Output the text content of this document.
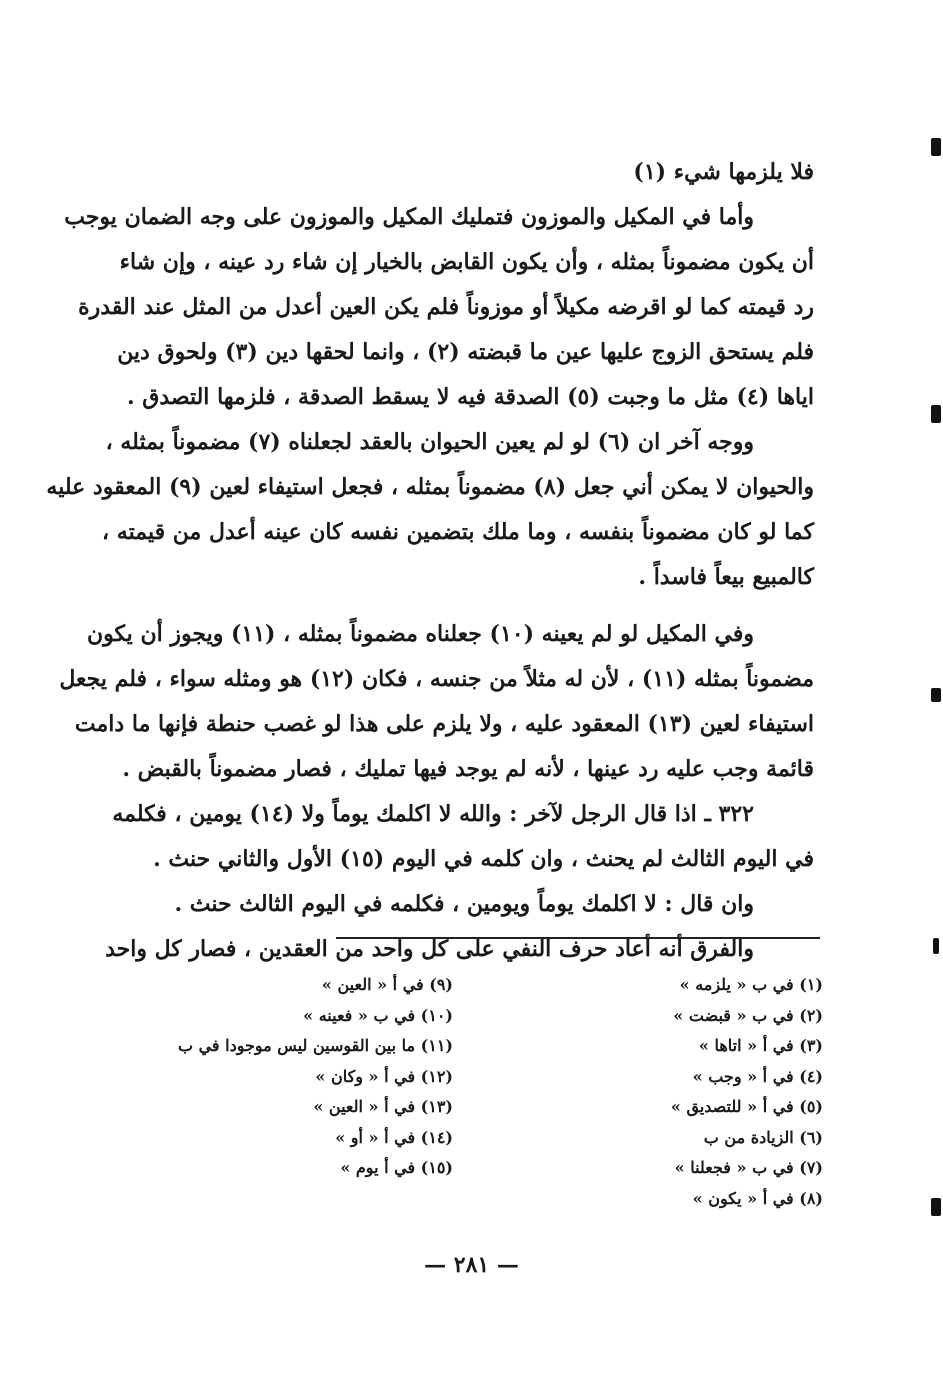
فلا يلزمها شيء (١)
وأما في المكيل والموزون فتمليك المكيل والموزون على وجه الضمان يوجب
أن يكون مضموناً بمثله ، وأن يكون القابض بالخيار إن شاء رد عينه ، وإن شاء
رد قيمته كما لو اقرضه مكيلاً أو موزوناً فلم يكن العين أعدل من المثل عند القدرة
فلم يستحق الزوج عليها عين ما قبضته (٢) ، وانما لحقها دين (٣) ولحوق دين
اياها (٤) مثل ما وجبت (٥) الصدقة فيه لا يسقط الصدقة ، فلزمها التصدق .
ووجه آخر ان (٦) لو لم يعين الحيوان بالعقد لجعلناه (٧) مضموناً بمثله ،
والحيوان لا يمكن أني جعل (٨) مضموناً بمثله ، فجعل استيفاء لعين (٩) المعقود عليه
كما لو كان مضموناً بنفسه ، وما ملك بتضمين نفسه كان عينه أعدل من قيمته ،
كالمبيع بيعاً فاسداً .
وفي المكيل لو لم يعينه (١٠) جعلناه مضموناً بمثله ، (١١) ويجوز أن يكون
مضموناً بمثله (١١) ، لأن له مثلاً من جنسه ، فكان (١٢) هو ومثله سواء ، فلم يجعل
استيفاء لعين (١٣) المعقود عليه ، ولا يلزم على هذا لو غصب حنطة فإنها ما دامت
قائمة وجب عليه رد عينها ، لأنه لم يوجد فيها تمليك ، فصار مضموناً بالقبض .
٣٢٢ ـ اذا قال الرجل لآخر : والله لا اكلمك يوماً ولا (١٤) يومين ، فكلمه
في اليوم الثالث لم يحنث ، وان كلمه في اليوم (١٥) الأول والثاني حنث .
وان قال : لا اكلمك يوماً ويومين ، فكلمه في اليوم الثالث حنث .
والفرق أنه أعاد حرف النفي على كل واحد من العقدين ، فصار كل واحد
(١) في ب « يلزمه »
(٢) في ب « قبضت »
(٣) في أ « اتاها »
(٤) في أ « وجب »
(٥) في أ « للتصديق »
(٦) الزيادة من ب
(٧) في ب « فجعلنا »
(٨) في أ « يكون »
(٩) في أ « العين »
(١٠) في ب « فعينه »
(١١) ما بين القوسين ليس موجودا في ب
(١٢) في أ « وكان »
(١٣) في أ « العين »
(١٤) في أ « أو »
(١٥) في أ يوم »
— ٢٨١ —
